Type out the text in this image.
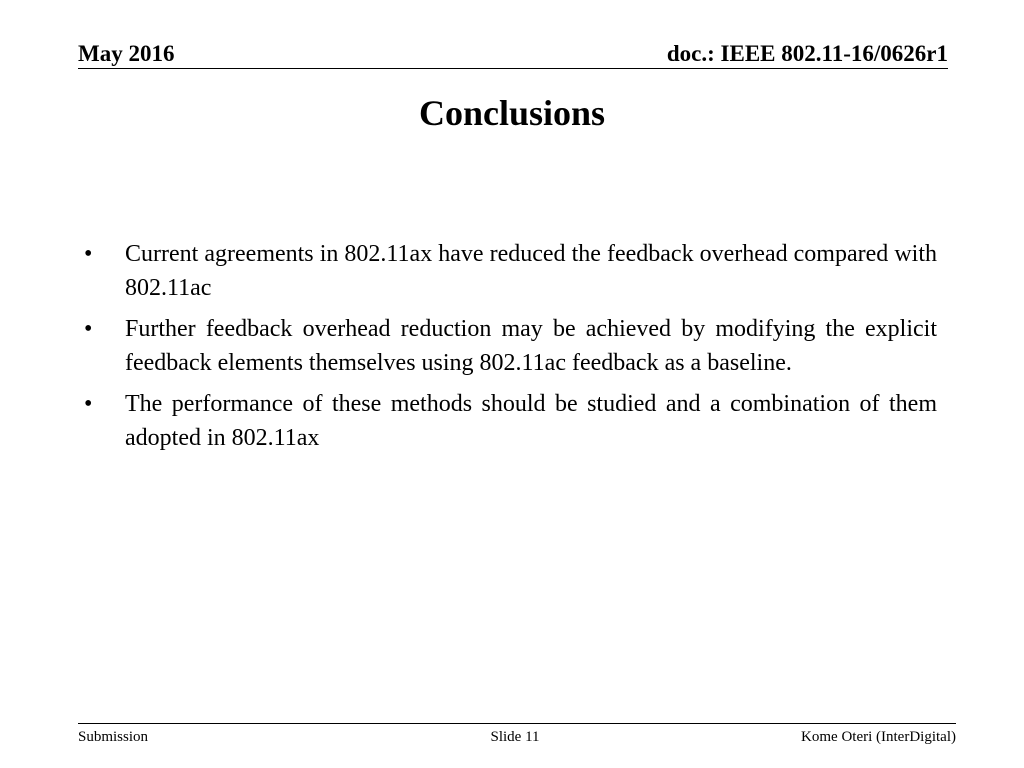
May 2016	doc.: IEEE 802.11-16/0626r1
Conclusions
•	Current agreements in 802.11ax have reduced the feedback overhead compared with 802.11ac
•	Further feedback overhead reduction may be achieved by modifying the explicit feedback elements themselves using 802.11ac feedback as a baseline.
•	The performance of these methods should be studied and a combination of them adopted in 802.11ax
Submission	Slide 11	Kome Oteri (InterDigital)
